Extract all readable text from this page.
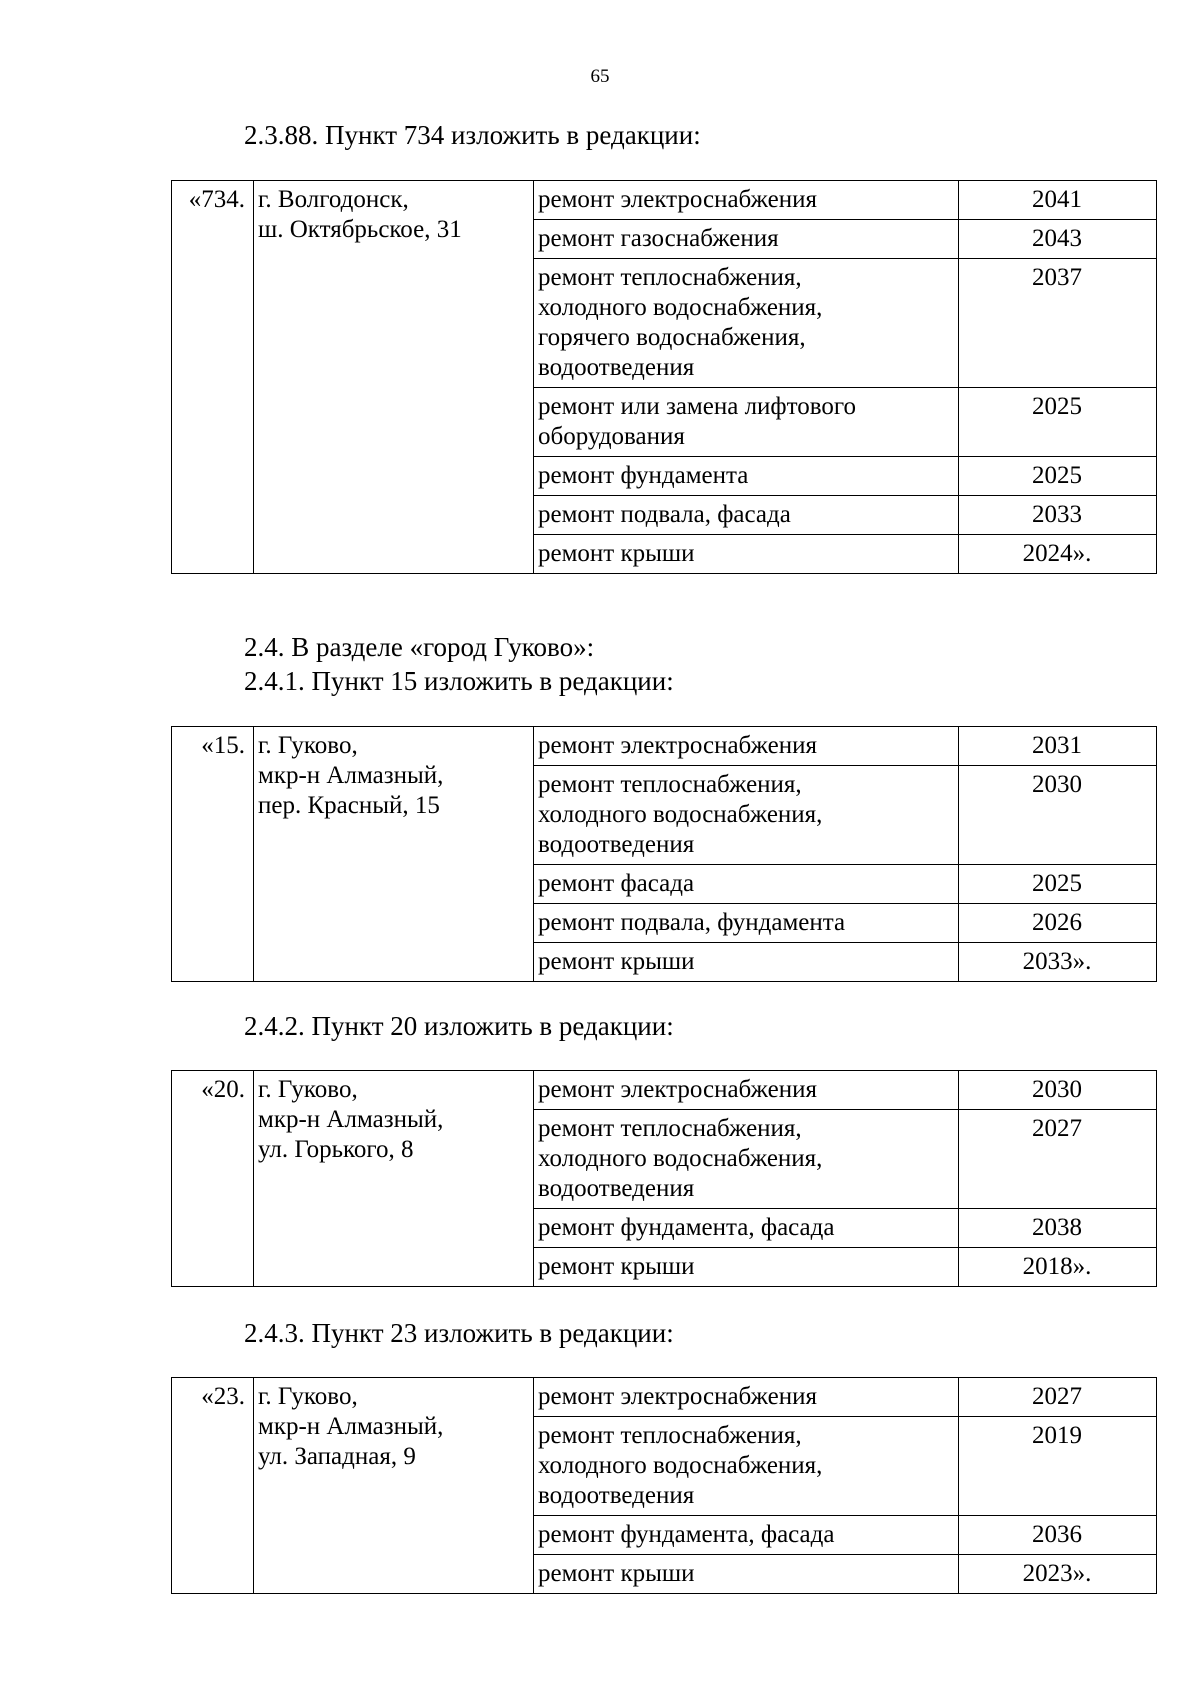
65
2.3.88. Пункт 734 изложить в редакции:
«734.	г. Волгодонск,
ш. Октябрьское, 31	ремонт электроснабжения	2041

		ремонт газоснабжения	2043

		ремонт теплоснабжения,
холодного водоснабжения,
горячего водоснабжения,
водоотведения	2037

		ремонт или замена лифтового
оборудования	2025

		ремонт фундамента	2025

		ремонт подвала, фасада	2033

		ремонт крыши	2024».
2.4. В разделе «город Гуково»:
2.4.1. Пункт 15 изложить в редакции:
«15.	г. Гуково,
мкр-н Алмазный,
пер. Красный, 15	ремонт электроснабжения	2031

		ремонт теплоснабжения,
холодного водоснабжения,
водоотведения	2030

		ремонт фасада	2025

		ремонт подвала, фундамента	2026

		ремонт крыши	2033».
2.4.2. Пункт 20 изложить в редакции:
«20.	г. Гуково,
мкр-н Алмазный,
ул. Горького, 8	ремонт электроснабжения	2030

		ремонт теплоснабжения,
холодного водоснабжения,
водоотведения	2027

		ремонт фундамента, фасада	2038

		ремонт крыши	2018».
2.4.3. Пункт 23 изложить в редакции:
«23.	г. Гуково,
мкр-н Алмазный,
ул. Западная, 9	ремонт электроснабжения	2027

		ремонт теплоснабжения,
холодного водоснабжения,
водоотведения	2019

		ремонт фундамента, фасада	2036

		ремонт крыши	2023».
